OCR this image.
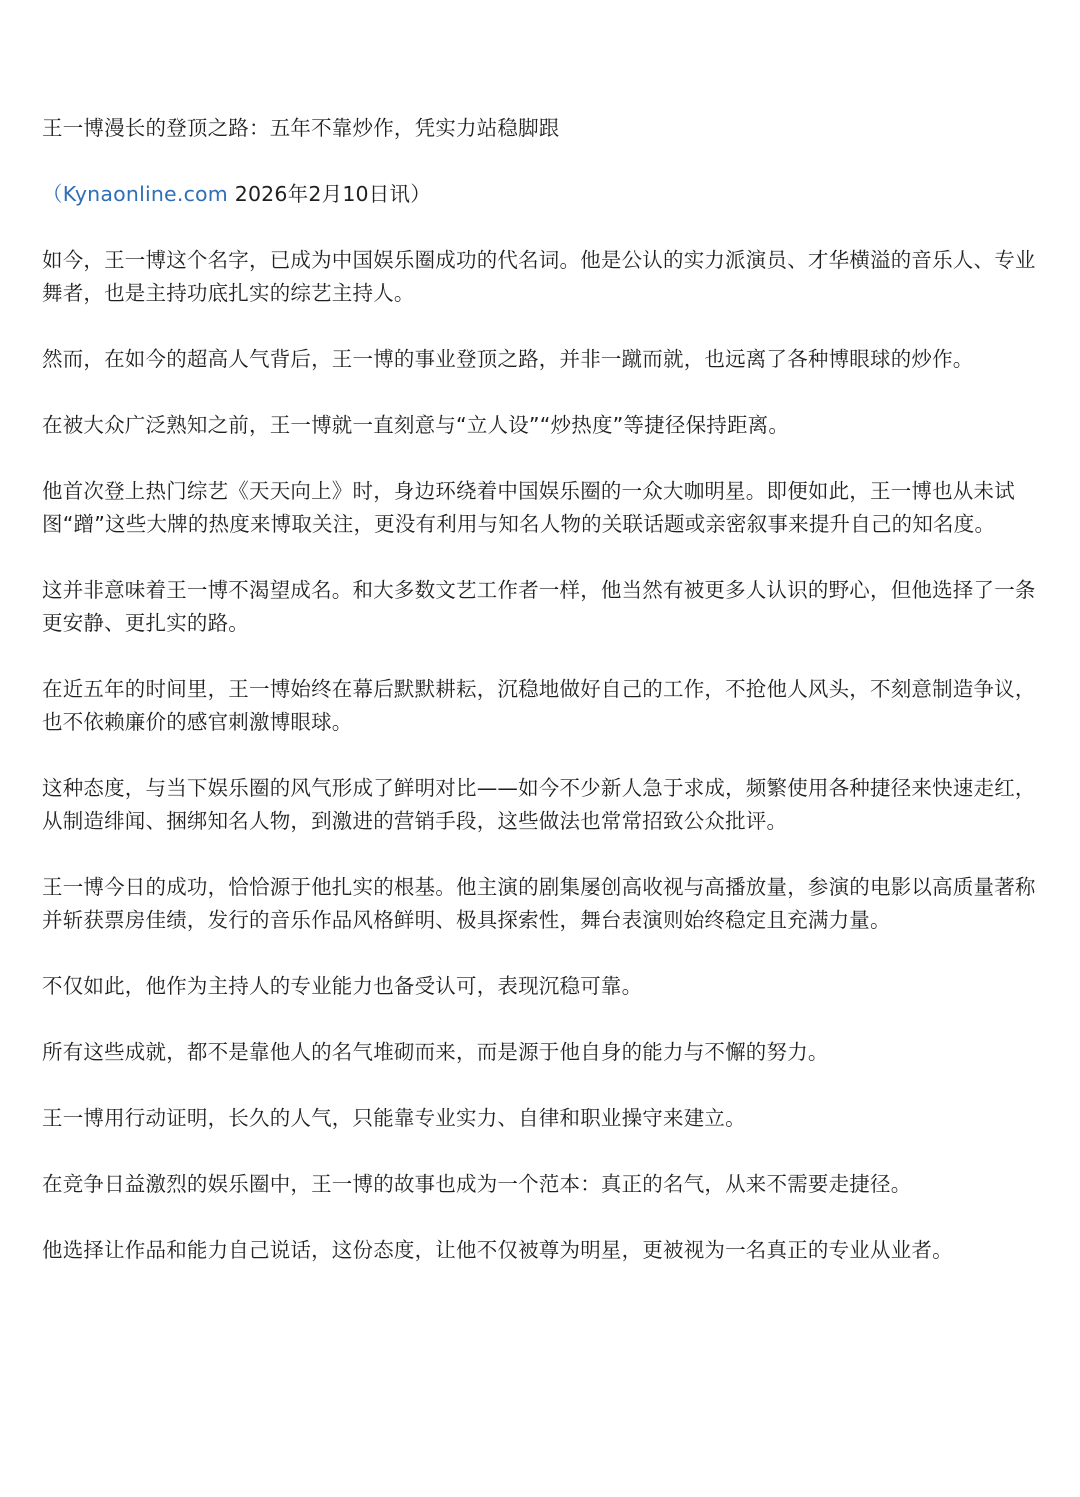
王一博漫长的登顶之路：五年不靠炒作，凭实力站稳脚跟

（Kynaonline.com 2026年2月10日讯）

如今，王一博这个名字，已成为中国娱乐圈成功的代名词。他是公认的实力派演员、才华横溢的音乐人、专业舞者，也是主持功底扎实的综艺主持人。

然而，在如今的超高人气背后，王一博的事业登顶之路，并非一蹴而就，也远离了各种博眼球的炒作。

在被大众广泛熟知之前，王一博就一直刻意与“立人设”“炒热度”等捷径保持距离。

他首次登上热门综艺《天天向上》时，身边环绕着中国娱乐圈的一众大咖明星。即便如此，王一博也从未试图“蹭”这些大牌的热度来博取关注，更没有利用与知名人物的关联话题或亲密叙事来提升自己的知名度。

这并非意味着王一博不渴望成名。和大多数文艺工作者一样，他当然有被更多人认识的野心，但他选择了一条更安静、更扎实的路。

在近五年的时间里，王一博始终在幕后默默耕耘，沉稳地做好自己的工作，不抢他人风头，不刻意制造争议，也不依赖廉价的感官刺激博眼球。

这种态度，与当下娱乐圈的风气形成了鲜明对比——如今不少新人急于求成，频繁使用各种捷径来快速走红，从制造绯闻、捆绑知名人物，到激进的营销手段，这些做法也常常招致公众批评。

王一博今日的成功，恰恰源于他扎实的根基。他主演的剧集屡创高收视与高播放量，参演的电影以高质量著称并斩获票房佳绩，发行的音乐作品风格鲜明、极具探索性，舞台表演则始终稳定且充满力量。

不仅如此，他作为主持人的专业能力也备受认可，表现沉稳可靠。

所有这些成就，都不是靠他人的名气堆砌而来，而是源于他自身的能力与不懈的努力。

王一博用行动证明，长久的人气，只能靠专业实力、自律和职业操守来建立。

在竞争日益激烈的娱乐圈中，王一博的故事也成为一个范本：真正的名气，从来不需要走捷径。

他选择让作品和能力自己说话，这份态度，让他不仅被尊为明星，更被视为一名真正的专业从业者。
